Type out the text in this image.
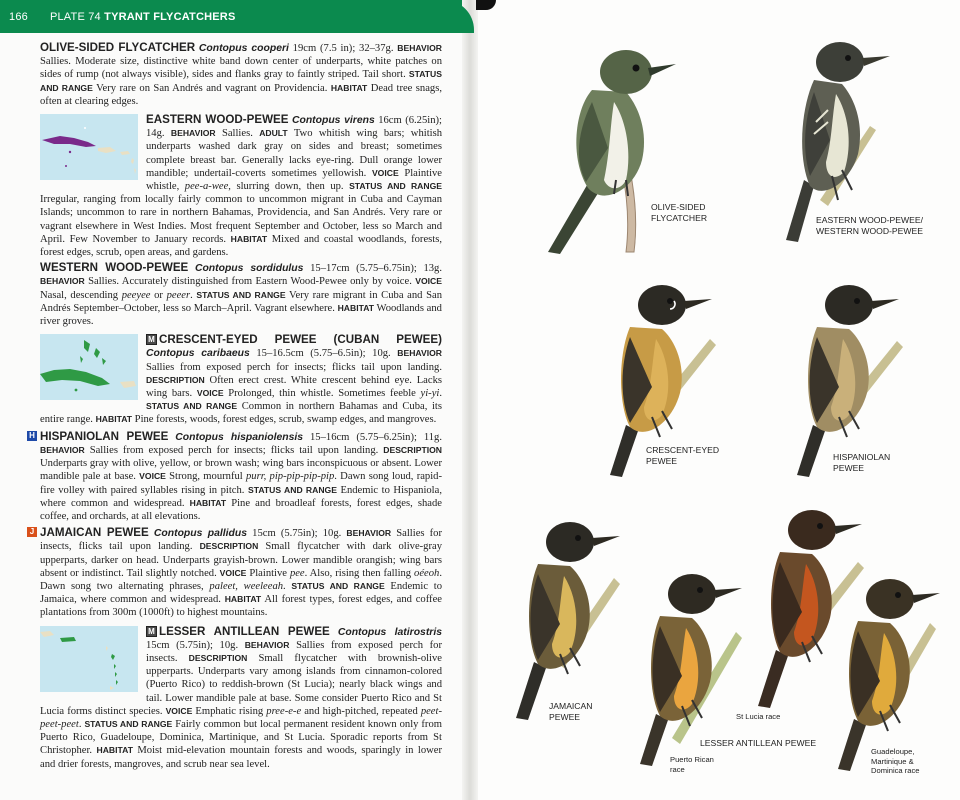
166 PLATE 74 TYRANT FLYCATCHERS

OLIVE-SIDED FLYCATCHER Contopus cooperi 19cm (7.5 in); 32–37g. BEHAVIOR Sallies. Moderate size, distinctive white band down center of underparts, white patches on sides of rump (not always visible), sides and flanks gray to faintly striped. Tail short. STATUS AND RANGE Very rare on San Andrés and vagrant on Providencia. HABITAT Dead tree snags, often at clearing edges.

EASTERN WOOD-PEWEE Contopus virens 16cm (6.25in); 14g. BEHAVIOR Sallies. ADULT Two whitish wing bars; whitish underparts washed dark gray on sides and breast; sometimes complete breast bar. Generally lacks eye-ring. Dull orange lower mandible; undertail-coverts sometimes yellowish. VOICE Plaintive whistle, pee-a-wee, slurring down, then up. STATUS AND RANGE Irregular, ranging from locally fairly common to uncommon migrant in Cuba and Cayman Islands; uncommon to rare in northern Bahamas, Providencia, and San Andrés. Very rare or vagrant elsewhere in West Indies. Most frequent September and October, less so March and April. Few November to January records. HABITAT Mixed and coastal woodlands, forests, forest edges, scrub, open areas, and gardens.

WESTERN WOOD-PEWEE Contopus sordidulus 15–17cm (5.75–6.75in); 13g. BEHAVIOR Sallies. Accurately distinguished from Eastern Wood-Pewee only by voice. VOICE Nasal, descending peeyee or peeer. STATUS AND RANGE Very rare migrant in Cuba and San Andrés September–October, less so March–April. Vagrant elsewhere. HABITAT Woodlands and river groves.

M CRESCENT-EYED PEWEE (CUBAN PEWEE) Contopus caribaeus 15–16.5cm (5.75–6.5in); 10g. BEHAVIOR Sallies from exposed perch for insects; flicks tail upon landing. DESCRIPTION Often erect crest. White crescent behind eye. Lacks wing bars. VOICE Prolonged, thin whistle. Sometimes feeble yi-yi. STATUS AND RANGE Common in northern Bahamas and Cuba, its entire range. HABITAT Pine forests, woods, forest edges, scrub, swamp edges, and mangroves.

H HISPANIOLAN PEWEE Contopus hispaniolensis 15–16cm (5.75–6.25in); 11g. BEHAVIOR Sallies from exposed perch for insects; flicks tail upon landing. DESCRIPTION Underparts gray with olive, yellow, or brown wash; wing bars inconspicuous or absent. Lower mandible pale at base. VOICE Strong, mournful purr, pip-pip-pip-pip. Dawn song loud, rapid-fire volley with paired syllables rising in pitch. STATUS AND RANGE Endemic to Hispaniola, where common and widespread. HABITAT Pine and broadleaf forests, forest edges, shade coffee, and orchards, at all elevations.

J JAMAICAN PEWEE Contopus pallidus 15cm (5.75in); 10g. BEHAVIOR Sallies for insects, flicks tail upon landing. DESCRIPTION Small flycatcher with dark olive-gray upperparts, darker on head. Underparts grayish-brown. Lower mandible orangish; wing bars absent or indistinct. Tail slightly notched. VOICE Plaintive pee. Also, rising then falling oéeoh. Dawn song two alternating phrases, paleet, weeleeah. STATUS AND RANGE Endemic to Jamaica, where common and widespread. HABITAT All forest types, forest edges, and coffee plantations from 300m (1000ft) to highest mountains.

M LESSER ANTILLEAN PEWEE Contopus latirostris 15cm (5.75in); 10g. BEHAVIOR Sallies from exposed perch for insects. DESCRIPTION Small flycatcher with brownish-olive upperparts. Underparts vary among islands from cinnamon-colored (Puerto Rico) to reddish-brown (St Lucia); nearly black wings and tail. Lower mandible pale at base. Some consider Puerto Rico and St Lucia forms distinct species. VOICE Emphatic rising pree-e-e and high-pitched, repeated peet-peet-peet. STATUS AND RANGE Fairly common but local permanent resident known only from Puerto Rico, Guadeloupe, Dominica, Martinique, and St Lucia. Sporadic reports from St Christopher. HABITAT Moist mid-elevation mountain forests and woods, sparingly in lower and drier forests, mangroves, and scrub near sea level.

OLIVE-SIDED
FLYCATCHER	EASTERN WOOD-PEWEE/
WESTERN WOOD-PEWEE
CRESCENT-EYED
PEWEE	HISPANIOLAN
PEWEE
JAMAICAN
PEWEE
Puerto Rican
race
St Lucia race
Guadeloupe,
Martinique &
Dominica race
LESSER ANTILLEAN PEWEE
